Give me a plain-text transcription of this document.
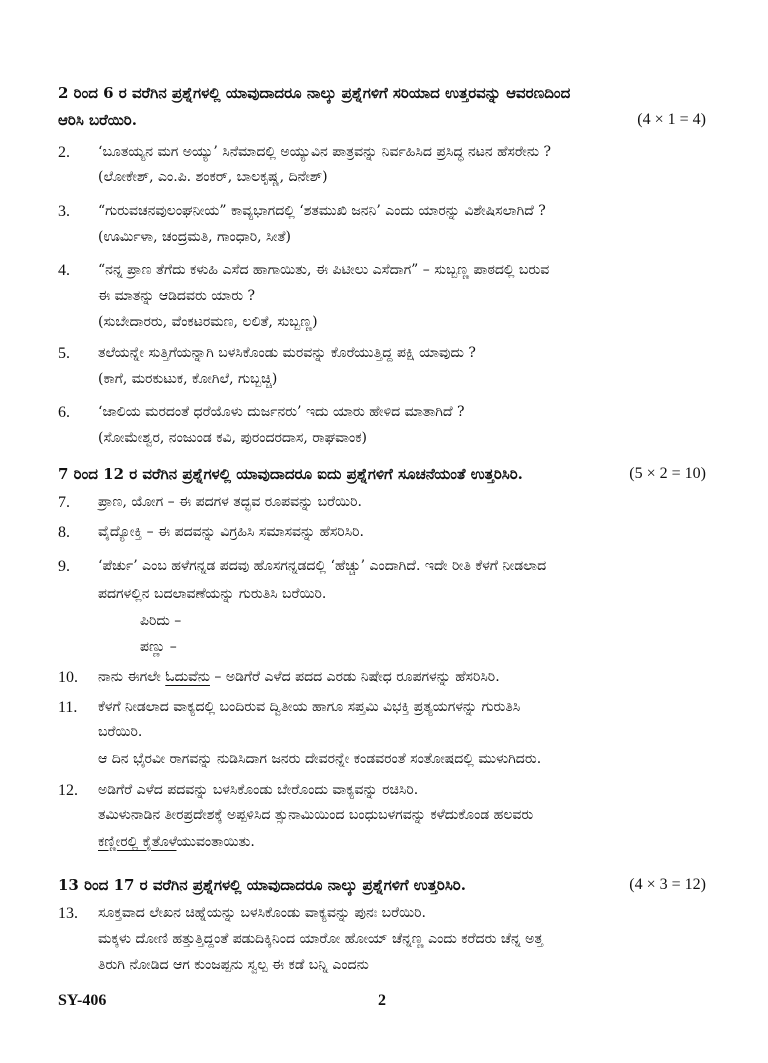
2 ರಿಂದ 6 ರ ವರೆಗಿನ ಪ್ರಶ್ನೆಗಳಲ್ಲಿ ಯಾವುದಾದರೂ ನಾಲ್ಕು ಪ್ರಶ್ನೆಗಳಿಗೆ ಸರಿಯಾದ ಉತ್ತರವನ್ನು ಆವರಣದಿಂದ
ಆರಿಸಿ ಬರೆಯಿರಿ.	(4 × 1 = 4)
2. ‘ಬೂತಯ್ಯನ ಮಗ ಅಯ್ಯು’ ಸಿನೆಮಾದಲ್ಲಿ ಅಯ್ಯುವಿನ ಪಾತ್ರವನ್ನು ನಿರ್ವಹಿಸಿದ ಪ್ರಸಿದ್ಧ ನಟನ ಹೆಸರೇನು ?
(ಲೋಕೇಶ್, ಎಂ.ಪಿ. ಶಂಕರ್, ಬಾಲಕೃಷ್ಣ, ದಿನೇಶ್)
3. “ಗುರುವಚನವುಲಂಘನೀಯ” ಕಾವ್ಯಭಾಗದಲ್ಲಿ ‘ಶತಮುಖಿ ಜನನಿ’ ಎಂದು ಯಾರನ್ನು ವಿಶೇಷಿಸಲಾಗಿದೆ ?
(ಊರ್ಮಿಳಾ, ಚಂದ್ರಮತಿ, ಗಾಂಧಾರಿ, ಸೀತೆ)
4. “ನನ್ನ ಪ್ರಾಣ ತೆಗೆದು ಕಳುಹಿ ಎಸೆದ ಹಾಗಾಯಿತು, ಈ ಪಿಟೀಲು ಎಸೆದಾಗ” – ಸುಬ್ಬಣ್ಣ ಪಾಠದಲ್ಲಿ ಬರುವ
ಈ ಮಾತನ್ನು ಆಡಿದವರು ಯಾರು ?
(ಸುಬೇದಾರರು, ವೆಂಕಟರಮಣ, ಲಲಿತೆ, ಸುಬ್ಬಣ್ಣ)
5. ತಲೆಯನ್ನೇ ಸುತ್ತಿಗೆಯನ್ನಾಗಿ ಬಳಸಿಕೊಂಡು ಮರವನ್ನು ಕೊರೆಯುತ್ತಿದ್ದ ಪಕ್ಷಿ ಯಾವುದು ?
(ಕಾಗೆ, ಮರಕುಟುಕ, ಕೋಗಿಲೆ, ಗುಬ್ಬಚ್ಚಿ)
6. ‘ಜಾಲಿಯ ಮರದಂತೆ ಧರೆಯೊಳು ದುರ್ಜನರು’ ಇದು ಯಾರು ಹೇಳಿದ ಮಾತಾಗಿದೆ ?
(ಸೋಮೇಶ್ವರ, ನಂಜುಂಡ ಕವಿ, ಪುರಂದರದಾಸ, ರಾಘವಾಂಕ)
7 ರಿಂದ 12 ರ ವರೆಗಿನ ಪ್ರಶ್ನೆಗಳಲ್ಲಿ ಯಾವುದಾದರೂ ಐದು ಪ್ರಶ್ನೆಗಳಿಗೆ ಸೂಚನೆಯಂತೆ ಉತ್ತರಿಸಿರಿ.	(5 × 2 = 10)
7. ಪ್ರಾಣ, ಯೋಗ – ಈ ಪದಗಳ ತದ್ಭವ ರೂಪವನ್ನು ಬರೆಯಿರಿ.
8. ವೈದ್ಯೋಕ್ತಿ – ಈ ಪದವನ್ನು ವಿಗ್ರಹಿಸಿ ಸಮಾಸವನ್ನು ಹೆಸರಿಸಿರಿ.
9. ‘ಪೆರ್ಚು’ ಎಂಬ ಹಳೆಗನ್ನಡ ಪದವು ಹೊಸಗನ್ನಡದಲ್ಲಿ ‘ಹೆಚ್ಚು’ ಎಂದಾಗಿದೆ. ಇದೇ ರೀತಿ ಕೆಳಗೆ ನೀಡಲಾದ
ಪದಗಳಲ್ಲಿನ ಬದಲಾವಣೆಯನ್ನು ಗುರುತಿಸಿ ಬರೆಯಿರಿ.
ಪಿರಿದು –
ಪಣ್ಣು –
10. ನಾನು ಈಗಲೇ ಓದುವೆನು – ಅಡಿಗೆರೆ ಎಳೆದ ಪದದ ಎರಡು ನಿಷೇಧ ರೂಪಗಳನ್ನು ಹೆಸರಿಸಿರಿ.
11. ಕೆಳಗೆ ನೀಡಲಾದ ವಾಕ್ಯದಲ್ಲಿ ಬಂದಿರುವ ದ್ವಿತೀಯ ಹಾಗೂ ಸಪ್ತಮಿ ವಿಭಕ್ತಿ ಪ್ರತ್ಯಯಗಳನ್ನು ಗುರುತಿಸಿ
ಬರೆಯಿರಿ.
ಆ ದಿನ ಭೈರವೀ ರಾಗವನ್ನು ನುಡಿಸಿದಾಗ ಜನರು ದೇವರನ್ನೇ ಕಂಡವರಂತೆ ಸಂತೋಷದಲ್ಲಿ ಮುಳುಗಿದರು.
12. ಅಡಿಗೆರೆ ಎಳೆದ ಪದವನ್ನು ಬಳಸಿಕೊಂಡು ಬೇರೊಂದು ವಾಕ್ಯವನ್ನು ರಚಿಸಿರಿ.
ತಮಿಳುನಾಡಿನ ತೀರಪ್ರದೇಶಕ್ಕೆ ಅಪ್ಪಳಿಸಿದ ತ್ಸುನಾಮಿಯಿಂದ ಬಂಧುಬಳಗವನ್ನು ಕಳೆದುಕೊಂಡ ಹಲವರು
ಕಣ್ಣೀರಲ್ಲಿ ಕೈತೊಳೆಯುವಂತಾಯಿತು.
13 ರಿಂದ 17 ರ ವರೆಗಿನ ಪ್ರಶ್ನೆಗಳಲ್ಲಿ ಯಾವುದಾದರೂ ನಾಲ್ಕು ಪ್ರಶ್ನೆಗಳಿಗೆ ಉತ್ತರಿಸಿರಿ.	(4 × 3 = 12)
13. ಸೂಕ್ತವಾದ ಲೇಖನ ಚಿಹ್ನೆಯನ್ನು ಬಳಸಿಕೊಂಡು ವಾಕ್ಯವನ್ನು ಪುನಃ ಬರೆಯಿರಿ.
ಮಕ್ಕಳು ದೋಣಿ ಹತ್ತುತ್ತಿದ್ದಂತೆ ಪಡುದಿಕ್ಕಿನಿಂದ ಯಾರೋ ಹೋಯ್ ಚೆನ್ನಣ್ಣ ಎಂದು ಕರೆದರು ಚೆನ್ನ ಅತ್ತ
ತಿರುಗಿ ನೋಡಿದ ಆಗ ಕುಂಜಪ್ಪನು ಸ್ವಲ್ಪ ಈ ಕಡೆ ಬನ್ನಿ ಎಂದನು
SY-406	2
